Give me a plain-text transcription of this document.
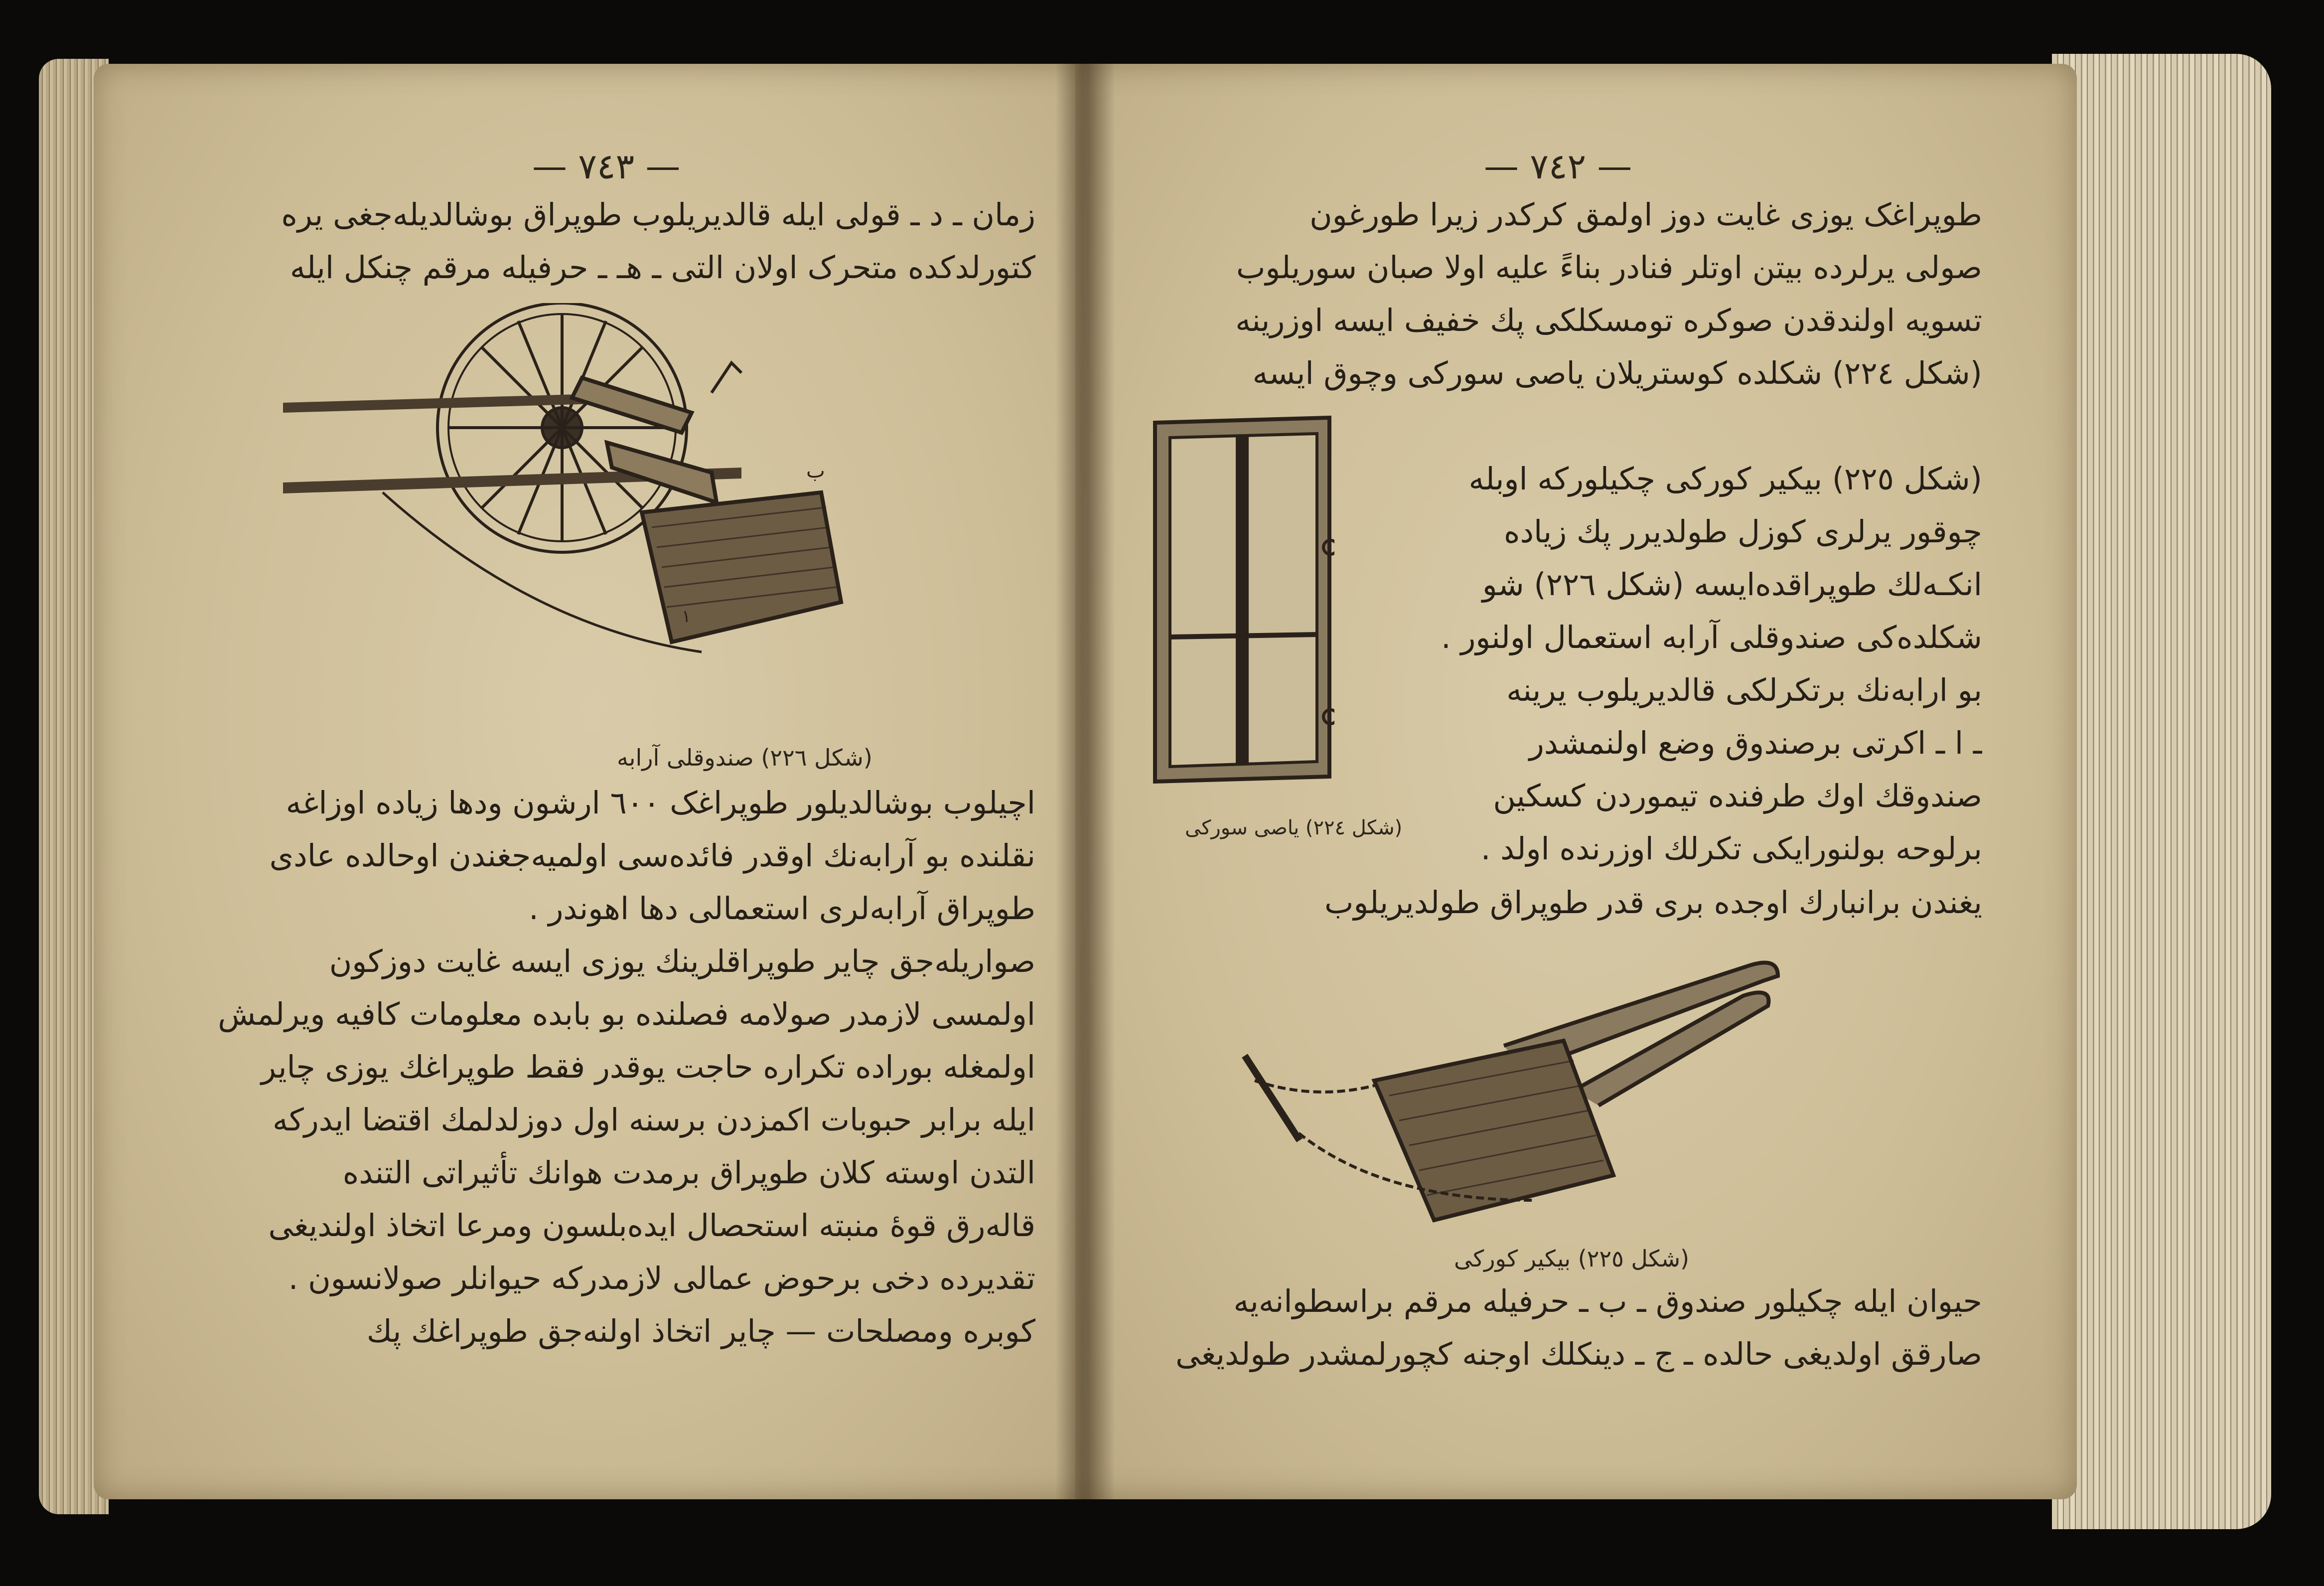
— ٧٤٣ —
زمان ـ د ـ قولی ایله قالدیریلوب طوپراق بوشالدیله‌جغی یره
کتورلدکده متحرک اولان التی ـ هـ ـ حرفیله مرقم چنکل ایله
ب
۱
(شکل ٢٢٦) صندوقلی آرابه
اچیلوب بوشالدیلور طوپراغک ٦٠٠ ارشون ودها زیاده اوزاغه
نقلنده بو آرابه‌نك اوقدر فائده‌سی اولمیه‌جغندن اوحالده عادی
طوپراق آرابه‌لری استعمالی دها اهوندر .
صواریله‌جق چایر طوپراقلرینك یوزی ایسه غایت دوزکون
اولمسی لازمدر صولامه فصلنده بو بابده معلومات کافیه ویرلمش
اولمغله بوراده تکراره حاجت یوقدر فقط طوپراغك یوزی چایر
ایله برابر حبوبات اکمزدن برسنه اول دوزلدلمك اقتضا ایدرکه
التدن اوسته کلان طوپراق برمدت هوانك تأثیراتی التنده
قاله‌رق قوهٔ منبته استحصال ایده‌بلسون ومرعا اتخاذ اولندیغی
تقدیرده دخی برحوض عمالی لازمدرکه حیوانلر صولانسون .
کوبره ومصلحات — چایر اتخاذ اولنه‌جق طوپراغك پك
— ٧٤٢ —
طوپراغک یوزی غایت دوز اولمق کرکدر زیرا طورغون
صولی یرلرده بیتن اوتلر فنادر بناءً علیه اولا صبان سوریلوب
تسویه اولندقدن صوکره تومسکلکی پك خفیف ایسه اوزرینه
(شکل ٢٢٤) شکلده کوستریلان یاصی سورکی وچوق ایسه
(شکل ٢٢٥) بیکیر کورکی چکیلورکه اوبله
چوقور یرلری کوزل طولدیرر پك زیاده
انکـه‌لك طوپراقده‌ایسه (شکل ٢٢٦) شو
شکلده‌کی صندوقلی آرابه استعمال اولنور .
بو ارابه‌نك برتکرلکی قالدیریلوب یرینه
ـ ا ـ اکرتی برصندوق وضع اولنمشدر
صندوقك اوك طرفنده تیموردن کسکین
برلوحه بولنورایکی تکرلك اوزرنده اولد .
(شکل ٢٢٤) یاصی سورکی
یغندن برانبارك اوجده بری قدر طوپراق طولدیریلوب
(شکل ٢٢٥) بیکیر کورکی
حیوان ایله چکیلور صندوق ـ ب ـ حرفیله مرقم براسطوانه‌یه
صارقق اولدیغی حالده ـ ج ـ دینکلك اوجنه کچورلمشدر طولدیغی
